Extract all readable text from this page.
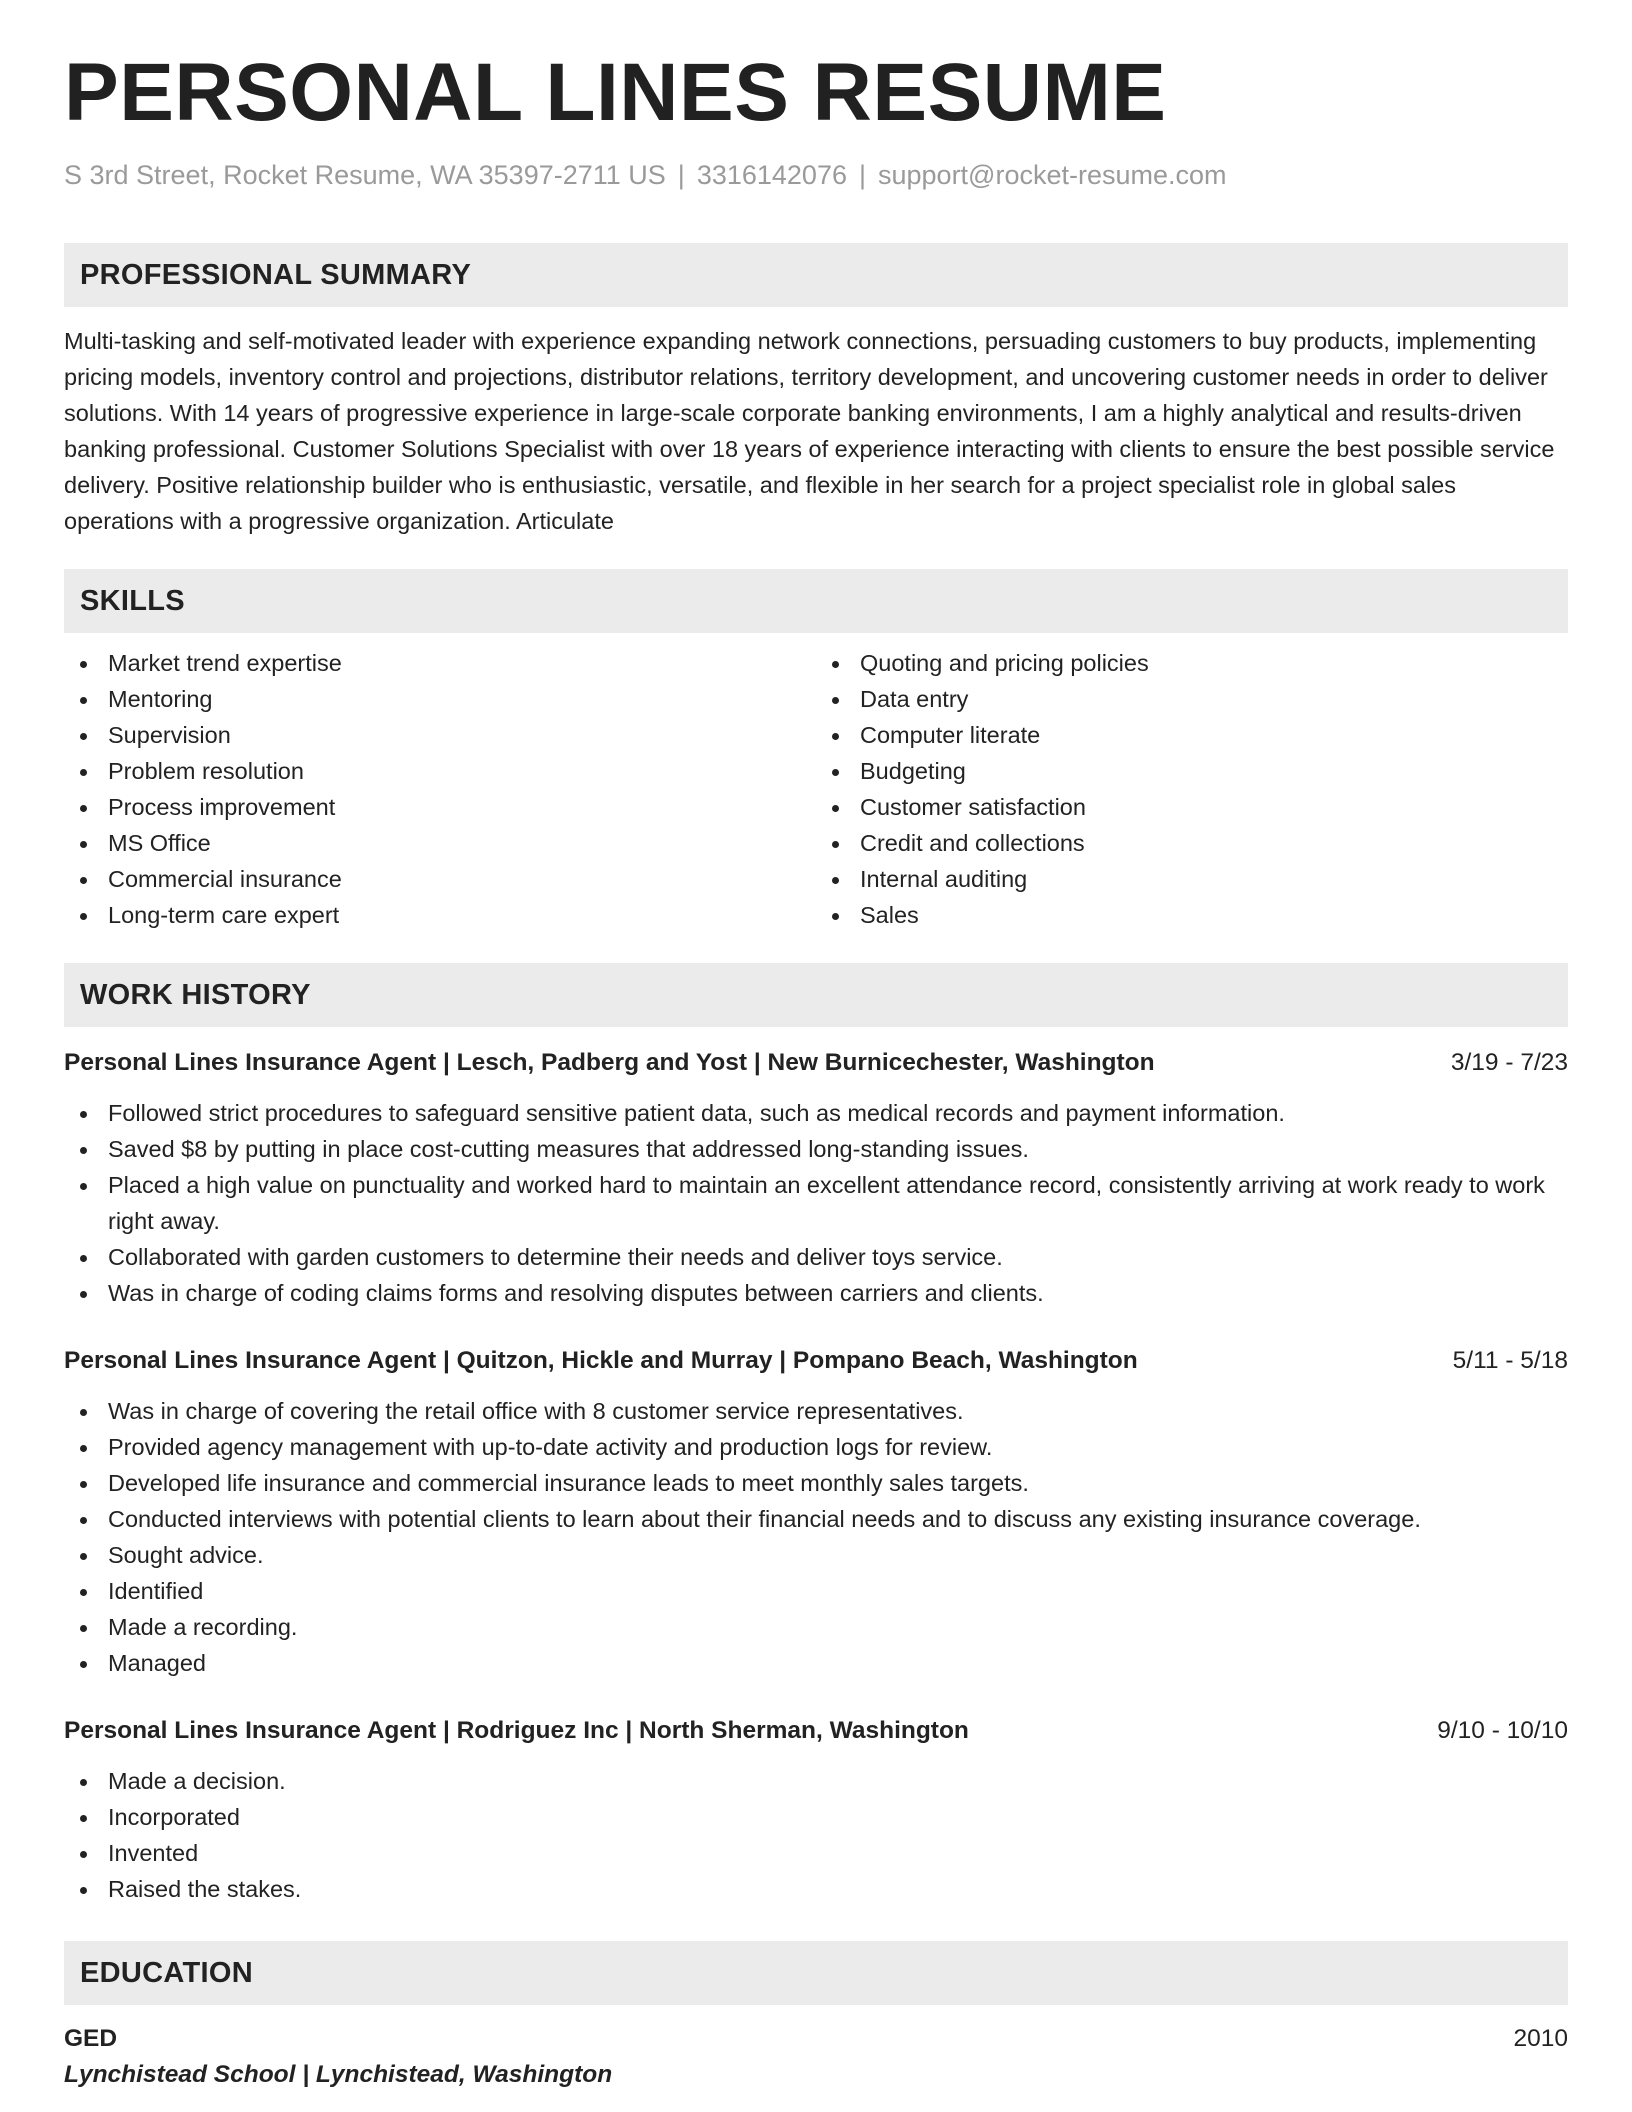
PERSONAL LINES RESUME
S 3rd Street, Rocket Resume, WA 35397-2711 US | 3316142076 | support@rocket-resume.com
PROFESSIONAL SUMMARY

Multi-tasking and self-motivated leader with experience expanding network connections, persuading customers to buy products, implementing pricing models, inventory control and projections, distributor relations, territory development, and uncovering customer needs in order to deliver solutions. With 14 years of progressive experience in large-scale corporate banking environments, I am a highly analytical and results-driven banking professional. Customer Solutions Specialist with over 18 years of experience interacting with clients to ensure the best possible service delivery. Positive relationship builder who is enthusiastic, versatile, and flexible in her search for a project specialist role in global sales operations with a progressive organization. Articulate

SKILLS
Market trend expertise
Mentoring
Supervision
Problem resolution
Process improvement
MS Office
Commercial insurance
Long-term care expert
Quoting and pricing policies
Data entry
Computer literate
Budgeting
Customer satisfaction
Credit and collections
Internal auditing
Sales
WORK HISTORY
Personal Lines Insurance Agent | Lesch, Padberg and Yost | New Burnicechester, Washington	3/19 - 7/23
Followed strict procedures to safeguard sensitive patient data, such as medical records and payment information.
Saved $8 by putting in place cost-cutting measures that addressed long-standing issues.
Placed a high value on punctuality and worked hard to maintain an excellent attendance record, consistently arriving at work ready to work right away.
Collaborated with garden customers to determine their needs and deliver toys service.
Was in charge of coding claims forms and resolving disputes between carriers and clients.
Personal Lines Insurance Agent | Quitzon, Hickle and Murray | Pompano Beach, Washington	5/11 - 5/18
Was in charge of covering the retail office with 8 customer service representatives.
Provided agency management with up-to-date activity and production logs for review.
Developed life insurance and commercial insurance leads to meet monthly sales targets.
Conducted interviews with potential clients to learn about their financial needs and to discuss any existing insurance coverage.
Sought advice.
Identified
Made a recording.
Managed
Personal Lines Insurance Agent | Rodriguez Inc | North Sherman, Washington	9/10 - 10/10
Made a decision.
Incorporated
Invented
Raised the stakes.
EDUCATION
GED	2010
Lynchistead School | Lynchistead, Washington
